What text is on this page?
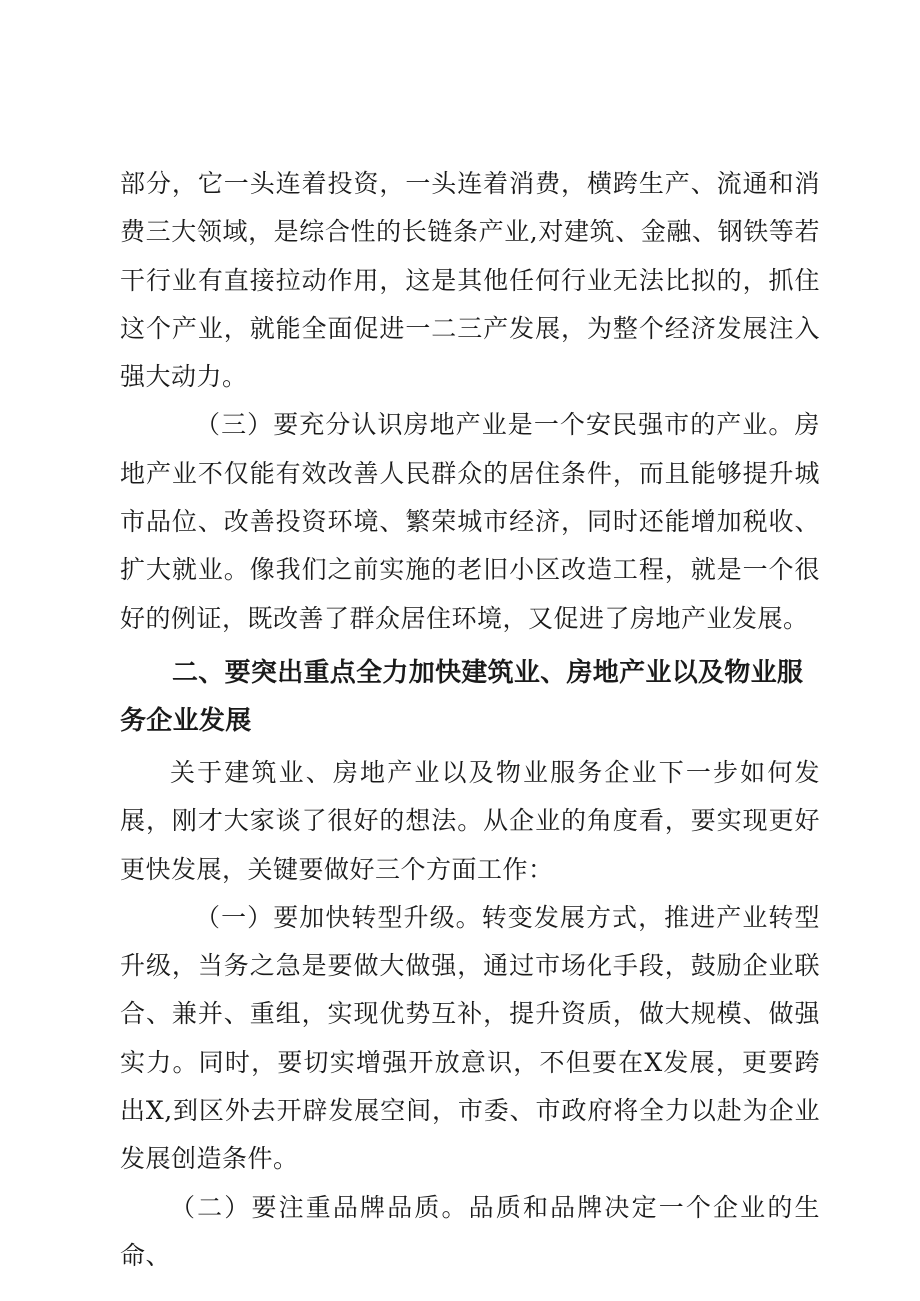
部分，它一头连着投资，一头连着消费，横跨生产、流通和消费三大领域，是综合性的长链条产业,对建筑、金融、钢铁等若干行业有直接拉动作用，这是其他任何行业无法比拟的，抓住这个产业，就能全面促进一二三产发展，为整个经济发展注入强大动力。

（三）要充分认识房地产业是一个安民强市的产业。房地产业不仅能有效改善人民群众的居住条件，而且能够提升城市品位、改善投资环境、繁荣城市经济，同时还能增加税收、扩大就业。像我们之前实施的老旧小区改造工程，就是一个很好的例证，既改善了群众居住环境，又促进了房地产业发展。

二、要突出重点全力加快建筑业、房地产业以及物业服务企业发展

关于建筑业、房地产业以及物业服务企业下一步如何发展，刚才大家谈了很好的想法。从企业的角度看，要实现更好更快发展，关键要做好三个方面工作：

（一）要加快转型升级。转变发展方式，推进产业转型升级，当务之急是要做大做强，通过市场化手段，鼓励企业联合、兼并、重组，实现优势互补，提升资质，做大规模、做强实力。同时，要切实增强开放意识，不但要在X发展，更要跨出X,到区外去开辟发展空间，市委、市政府将全力以赴为企业发展创造条件。

（二）要注重品牌品质。品质和品牌决定一个企业的生命、
